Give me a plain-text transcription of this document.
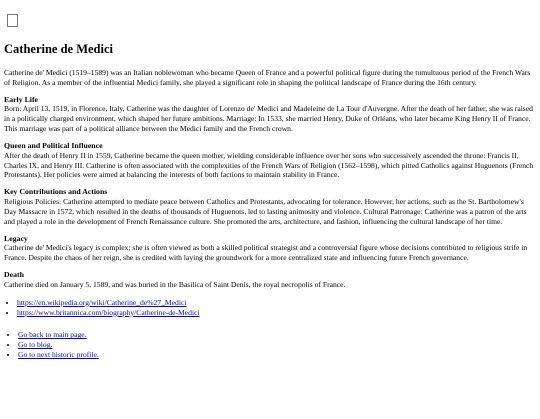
Catherine de Medici

Catherine de' Medici (1519–1589) was an Italian noblewoman who became Queen of France and a powerful political figure during the tumultuous period of the French Wars of Religion. As a member of the influential Medici family, she played a significant role in shaping the political landscape of France during the 16th century.

Early Life

Born: April 13, 1519, in Florence, Italy, Catherine was the daughter of Lorenzo de' Medici and Madeleine de La Tour d'Auvergne. After the death of her father, she was raised in a politically charged environment, which shaped her future ambitions. Marriage: In 1533, she married Henry, Duke of Orléans, who later became King Henry II of France. This marriage was part of a political alliance between the Medici family and the French crown.

Queen and Political Influence

After the death of Henry II in 1559, Catherine became the queen mother, wielding considerable influence over her sons who successively ascended the throne: Francis II, Charles IX, and Henry III. Catherine is often associated with the complexities of the French Wars of Religion (1562–1598), which pitted Catholics against Huguenots (French Protestants). Her policies were aimed at balancing the interests of both factions to maintain stability in France.

Key Contributions and Actions

Religious Policies: Catherine attempted to mediate peace between Catholics and Protestants, advocating for tolerance. However, her actions, such as the St. Bartholomew's Day Massacre in 1572, which resulted in the deaths of thousands of Huguenots, led to lasting animosity and violence. Cultural Patronage: Catherine was a patron of the arts and played a role in the development of French Renaissance culture. She promoted the arts, architecture, and fashion, influencing the cultural landscape of her time.

Legacy

Catherine de' Medici's legacy is complex; she is often viewed as both a skilled political strategist and a controversial figure whose decisions contributed to religious strife in France. Despite the chaos of her reign, she is credited with laying the groundwork for a more centralized state and influencing future French governance.

Death

Catherine died on January 5, 1589, and was buried in the Basilica of Saint Denis, the royal necropolis of France.

• https://en.wikipedia.org/wiki/Catherine_de%27_Medici
• https://www.britannica.com/biography/Catherine-de-Medici
• Go back to main page.
• Go to blog.
• Go to next historic profile.
